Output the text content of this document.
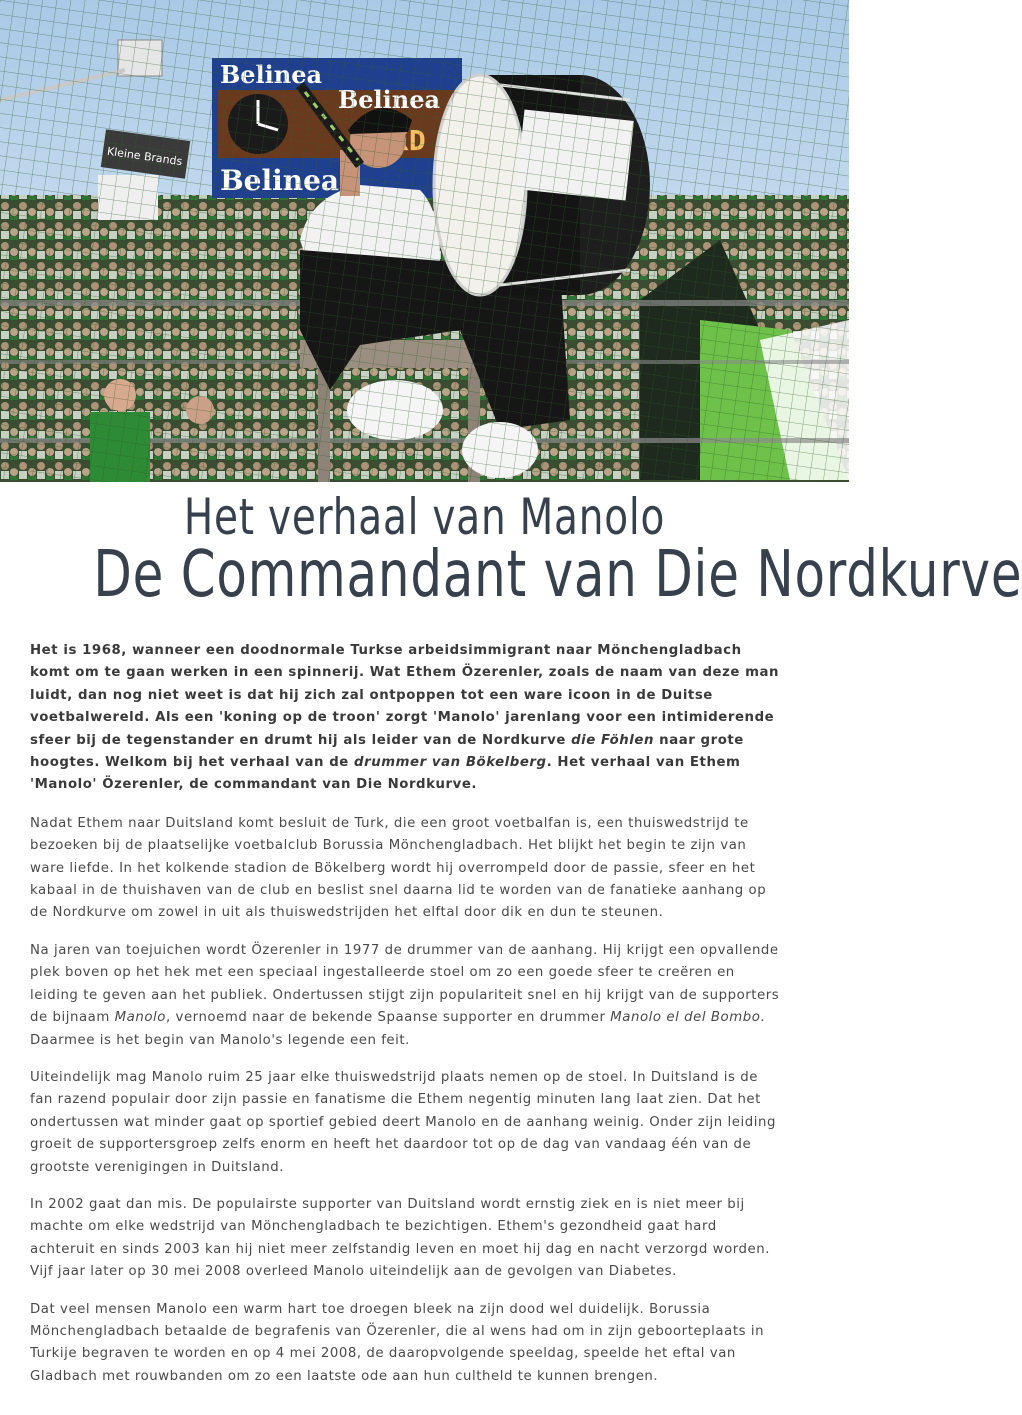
Het verhaal van Manolo
De Commandant van Die Nordkurve

Het is 1968, wanneer een doodnormale Turkse arbeidsimmigrant naar Mönchengladbach komt om te gaan werken in een spinnerij. Wat Ethem Özerenler, zoals de naam van deze man luidt, dan nog niet weet is dat hij zich zal ontpoppen tot een ware icoon in de Duitse voetbalwereld. Als een 'koning op de troon' zorgt 'Manolo' jarenlang voor een intimiderende sfeer bij de tegenstander en drumt hij als leider van de Nordkurve die Föhlen naar grote hoogtes. Welkom bij het verhaal van de drummer van Bökelberg. Het verhaal van Ethem 'Manolo' Özerenler, de commandant van Die Nordkurve.

Nadat Ethem naar Duitsland komt besluit de Turk, die een groot voetbalfan is, een thuiswedstrijd te bezoeken bij de plaatselijke voetbalclub Borussia Mönchengladbach. Het blijkt het begin te zijn van ware liefde. In het kolkende stadion de Bökelberg wordt hij overrompeld door de passie, sfeer en het kabaal in de thuishaven van de club en beslist snel daarna lid te worden van de fanatieke aanhang op de Nordkurve om zowel in uit als thuiswedstrijden het elftal door dik en dun te steunen.

Na jaren van toejuichen wordt Özerenler in 1977 de drummer van de aanhang. Hij krijgt een opvallende plek boven op het hek met een speciaal ingestalleerde stoel om zo een goede sfeer te creëren en leiding te geven aan het publiek. Ondertussen stijgt zijn populariteit snel en hij krijgt van de supporters de bijnaam Manolo, vernoemd naar de bekende Spaanse supporter en drummer Manolo el del Bombo. Daarmee is het begin van Manolo's legende een feit.

Uiteindelijk mag Manolo ruim 25 jaar elke thuiswedstrijd plaats nemen op de stoel. In Duitsland is de fan razend populair door zijn passie en fanatisme die Ethem negentig minuten lang laat zien. Dat het ondertussen wat minder gaat op sportief gebied deert Manolo en de aanhang weinig. Onder zijn leiding groeit de supportersgroep zelfs enorm en heeft het daardoor tot op de dag van vandaag één van de grootste verenigingen in Duitsland.

In 2002 gaat dan mis. De populairste supporter van Duitsland wordt ernstig ziek en is niet meer bij machte om elke wedstrijd van Mönchengladbach te bezichtigen. Ethem's gezondheid gaat hard achteruit en sinds 2003 kan hij niet meer zelfstandig leven en moet hij dag en nacht verzorgd worden. Vijf jaar later op 30 mei 2008 overleed Manolo uiteindelijk aan de gevolgen van Diabetes.

Dat veel mensen Manolo een warm hart toe droegen bleek na zijn dood wel duidelijk. Borussia Mönchengladbach betaalde de begrafenis van Özerenler, die al wens had om in zijn geboorteplaats in Turkije begraven te worden en op 4 mei 2008, de daaropvolgende speeldag, speelde het eftal van Gladbach met rouwbanden om zo een laatste ode aan hun cultheld te kunnen brengen.
